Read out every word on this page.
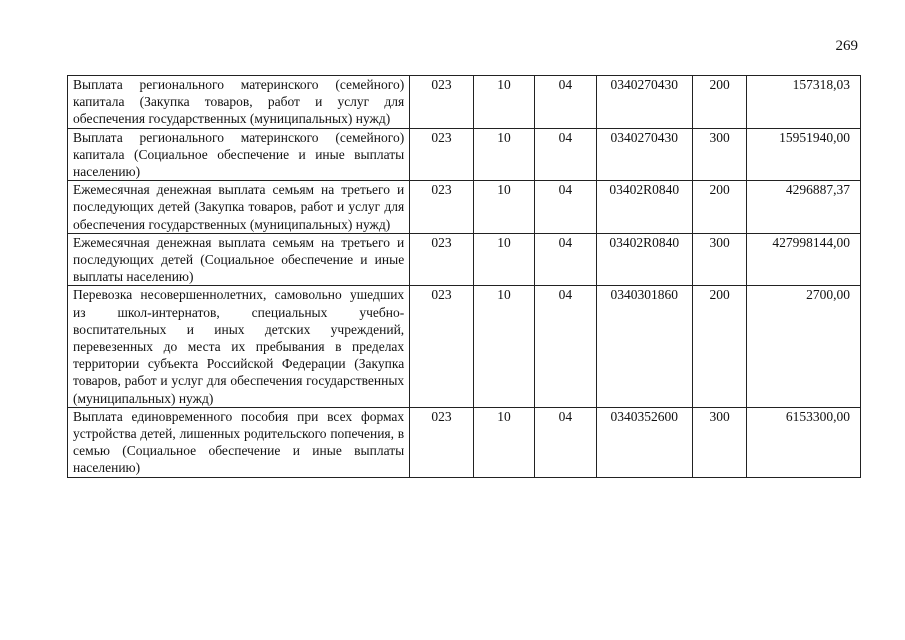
269
Выплата регионального материнского (семейного) капитала (Закупка товаров, работ и услуг для обеспечения государственных (муниципальных) нужд)	023	10	04	0340270430	200	157318,03
Выплата регионального материнского (семейного) капитала (Социальное обеспечение и иные выплаты населению)	023	10	04	0340270430	300	15951940,00
Ежемесячная денежная выплата семьям на третьего и последующих детей (Закупка товаров, работ и услуг для обеспечения государственных (муниципальных) нужд)	023	10	04	03402R0840	200	4296887,37
Ежемесячная денежная выплата семьям на третьего и последующих детей (Социальное обеспечение и иные выплаты населению)	023	10	04	03402R0840	300	427998144,00
Перевозка несовершеннолетних, самовольно ушедших из школ-интернатов, специальных учебно-воспитательных и иных детских учреждений, перевезенных до места их пребывания в пределах территории субъекта Российской Федерации (Закупка товаров, работ и услуг для обеспечения государственных (муниципальных) нужд)	023	10	04	0340301860	200	2700,00
Выплата единовременного пособия при всех формах устройства детей, лишенных родительского попечения, в семью (Социальное обеспечение и иные выплаты населению)	023	10	04	0340352600	300	6153300,00
